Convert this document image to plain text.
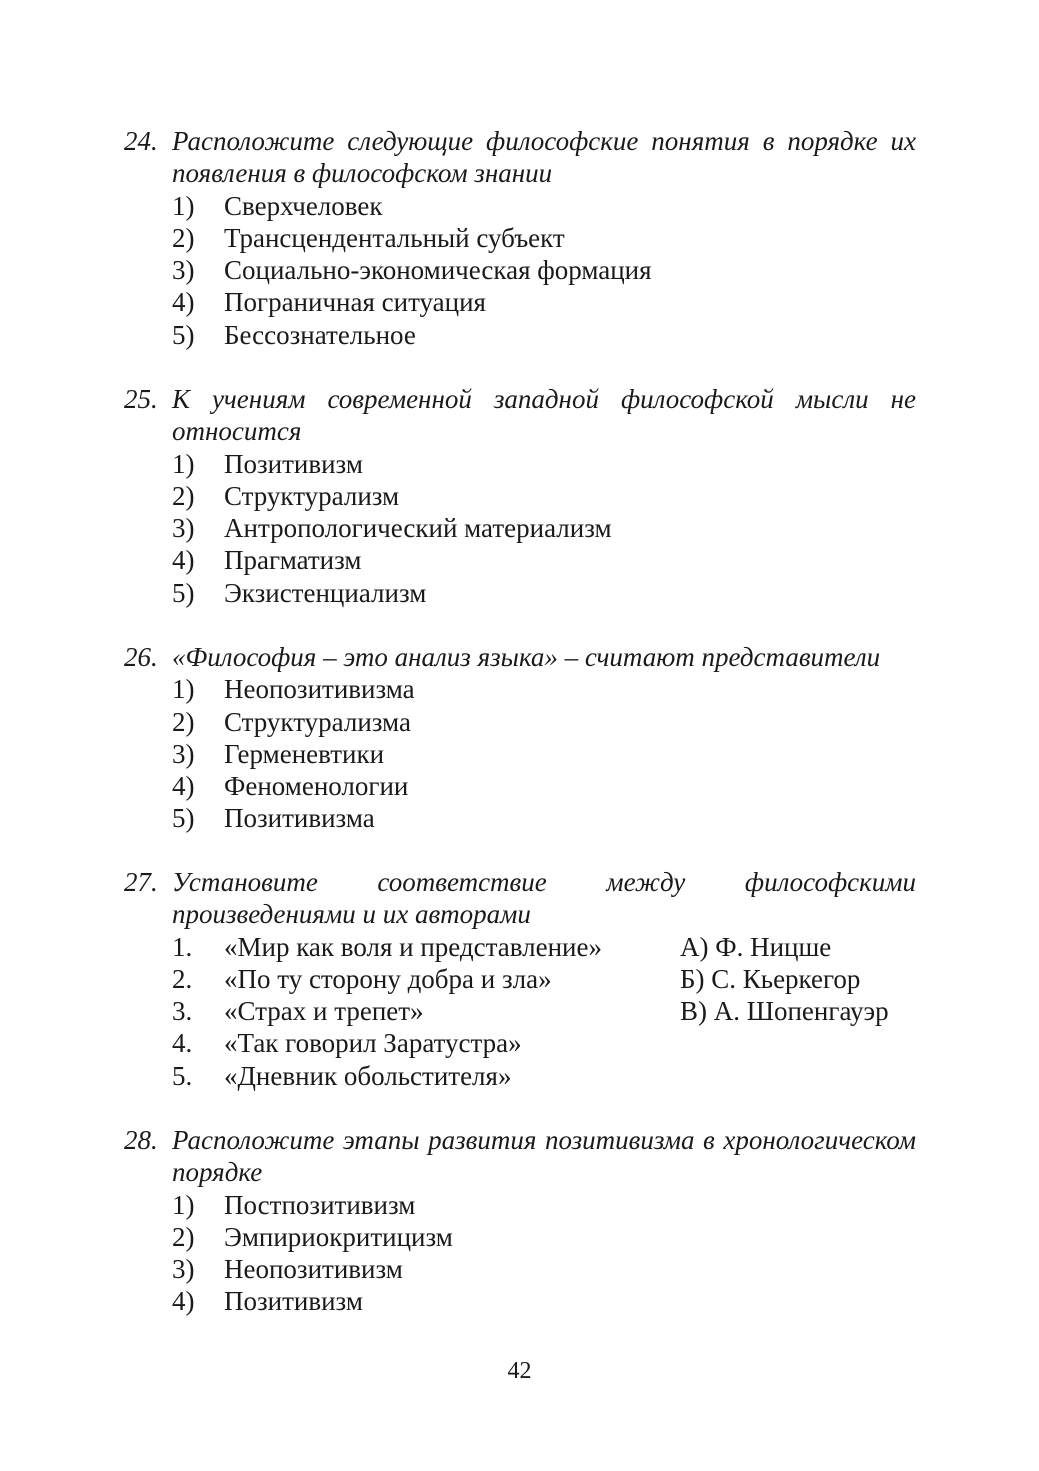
24. Расположите следующие философские понятия в порядке их появления в философском знании
1)	Сверхчеловек
2)	Трансцендентальный субъект
3)	Социально-экономическая формация
4)	Пограничная ситуация
5)	Бессознательное
25. К учениям современной западной философской мысли не относится
1)	Позитивизм
2)	Структурализм
3)	Антропологический материализм
4)	Прагматизм
5)	Экзистенциализм
26. «Философия – это анализ языка» – считают представители
1)	Неопозитивизма
2)	Структурализма
3)	Герменевтики
4)	Феноменологии
5)	Позитивизма
27. Установите соответствие между философскими произведениями и их авторами
1.	«Мир как воля и представление»	А) Ф. Ницше
2.	«По ту сторону добра и зла»	Б) С. Кьеркегор
3.	«Страх и трепет»	В) А. Шопенгауэр
4.	«Так говорил Заратустра»
5.	«Дневник обольстителя»
28. Расположите этапы развития позитивизма в хронологическом порядке
1)	Постпозитивизм
2)	Эмпириокритицизм
3)	Неопозитивизм
4)	Позитивизм
42
